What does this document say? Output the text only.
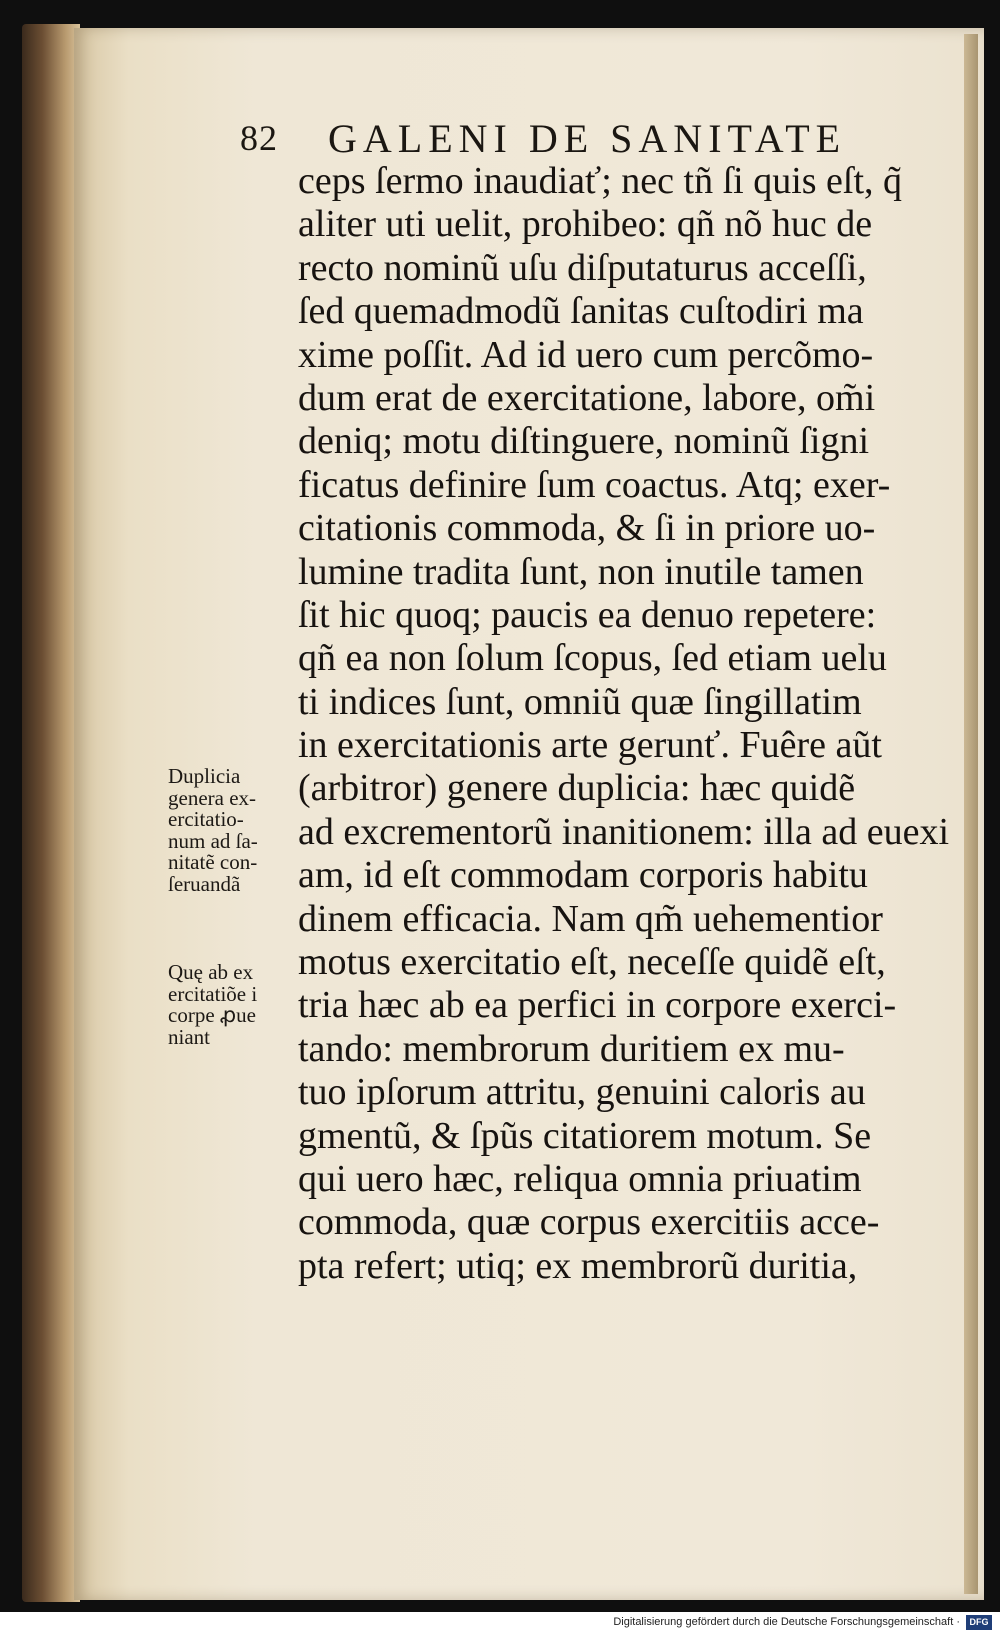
82 GALENI DE SANITATE
ceps ſermo inaudiať; nec tñ ſi quis eſt, q̃
aliter uti uelit, prohibeo: qñ nõ huc de
recto nominũ uſu diſputaturus acceſſi,
ſed quemadmodũ ſanitas cuſtodiri ma
xime poſſit. Ad id uero cum percõmo-
dum erat de exercitatione, labore, om̃i
deniq; motu diſtinguere, nominũ ſigni
ficatus definire ſum coactus. Atq; exer-
citationis commoda, & ſi in priore uo-
lumine tradita ſunt, non inutile tamen
ſit hic quoq; paucis ea denuo repetere:
qñ ea non ſolum ſcopus, ſed etiam uelu
ti indices ſunt, omniũ quæ ſingillatim
in exercitationis arte gerunť. Fuêre aũt
(arbitror) genere duplicia: hæc quidẽ
ad excrementorũ inanitionem: illa ad euexi
am, id eſt commodam corporis habitu
dinem efficacia. Nam qm̃ uehementior
motus exercitatio eſt, neceſſe quidẽ eſt,
tria hæc ab ea perfici in corpore exerci-
tando: membrorum duritiem ex mu-
tuo ipſorum attritu, genuini caloris au
gmentũ, & ſpũs citatiorem motum. Se
qui uero hæc, reliqua omnia priuatim
commoda, quæ corpus exercitiis acce-
pta refert; utiq; ex membrorũ duritia,
Duplicia
genera ex-
ercitatio-
num ad ſa-
nitatẽ con-
ſeruandã
Quę ab ex
ercitatiõe i
corpe ꝓue
niant
Digitalisierung gefördert durch die Deutsche Forschungsgemeinschaft ·	DFG
